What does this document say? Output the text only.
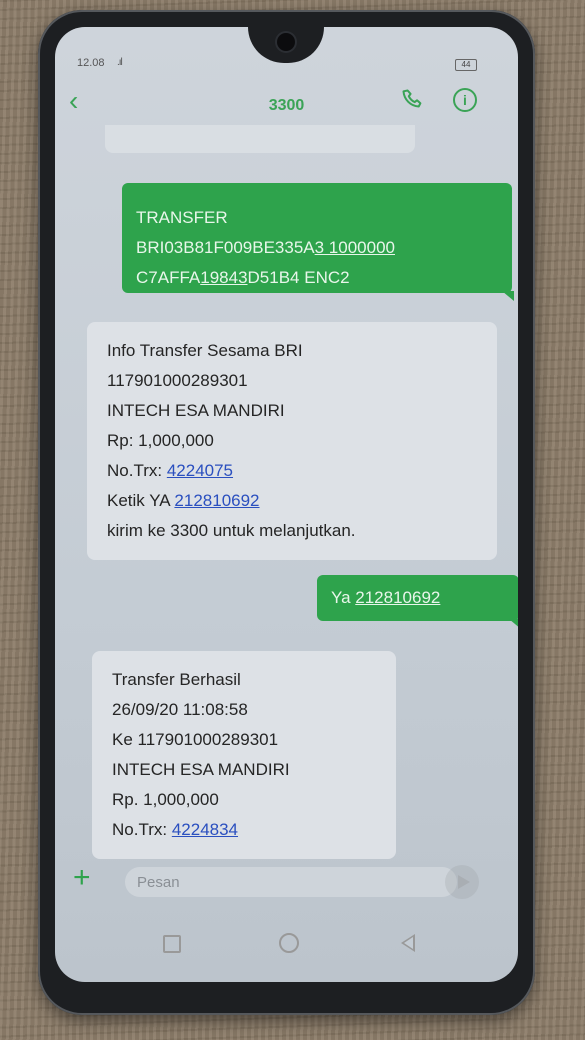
12.08 .ıl	44
‹	3300	i
TRANSFER
BRI03B81F009BE335A3 1000000
C7AFFA19843D51B4 ENC2
Info Transfer Sesama BRI
117901000289301
INTECH ESA MANDIRI
Rp: 1,000,000
No.Trx: 4224075
Ketik YA 212810692
kirim ke 3300 untuk melanjutkan.
Ya 212810692
Transfer Berhasil
26/09/20 11:08:58
Ke 117901000289301
INTECH ESA MANDIRI
Rp. 1,000,000
No.Trx: 4224834
+
Pesan
